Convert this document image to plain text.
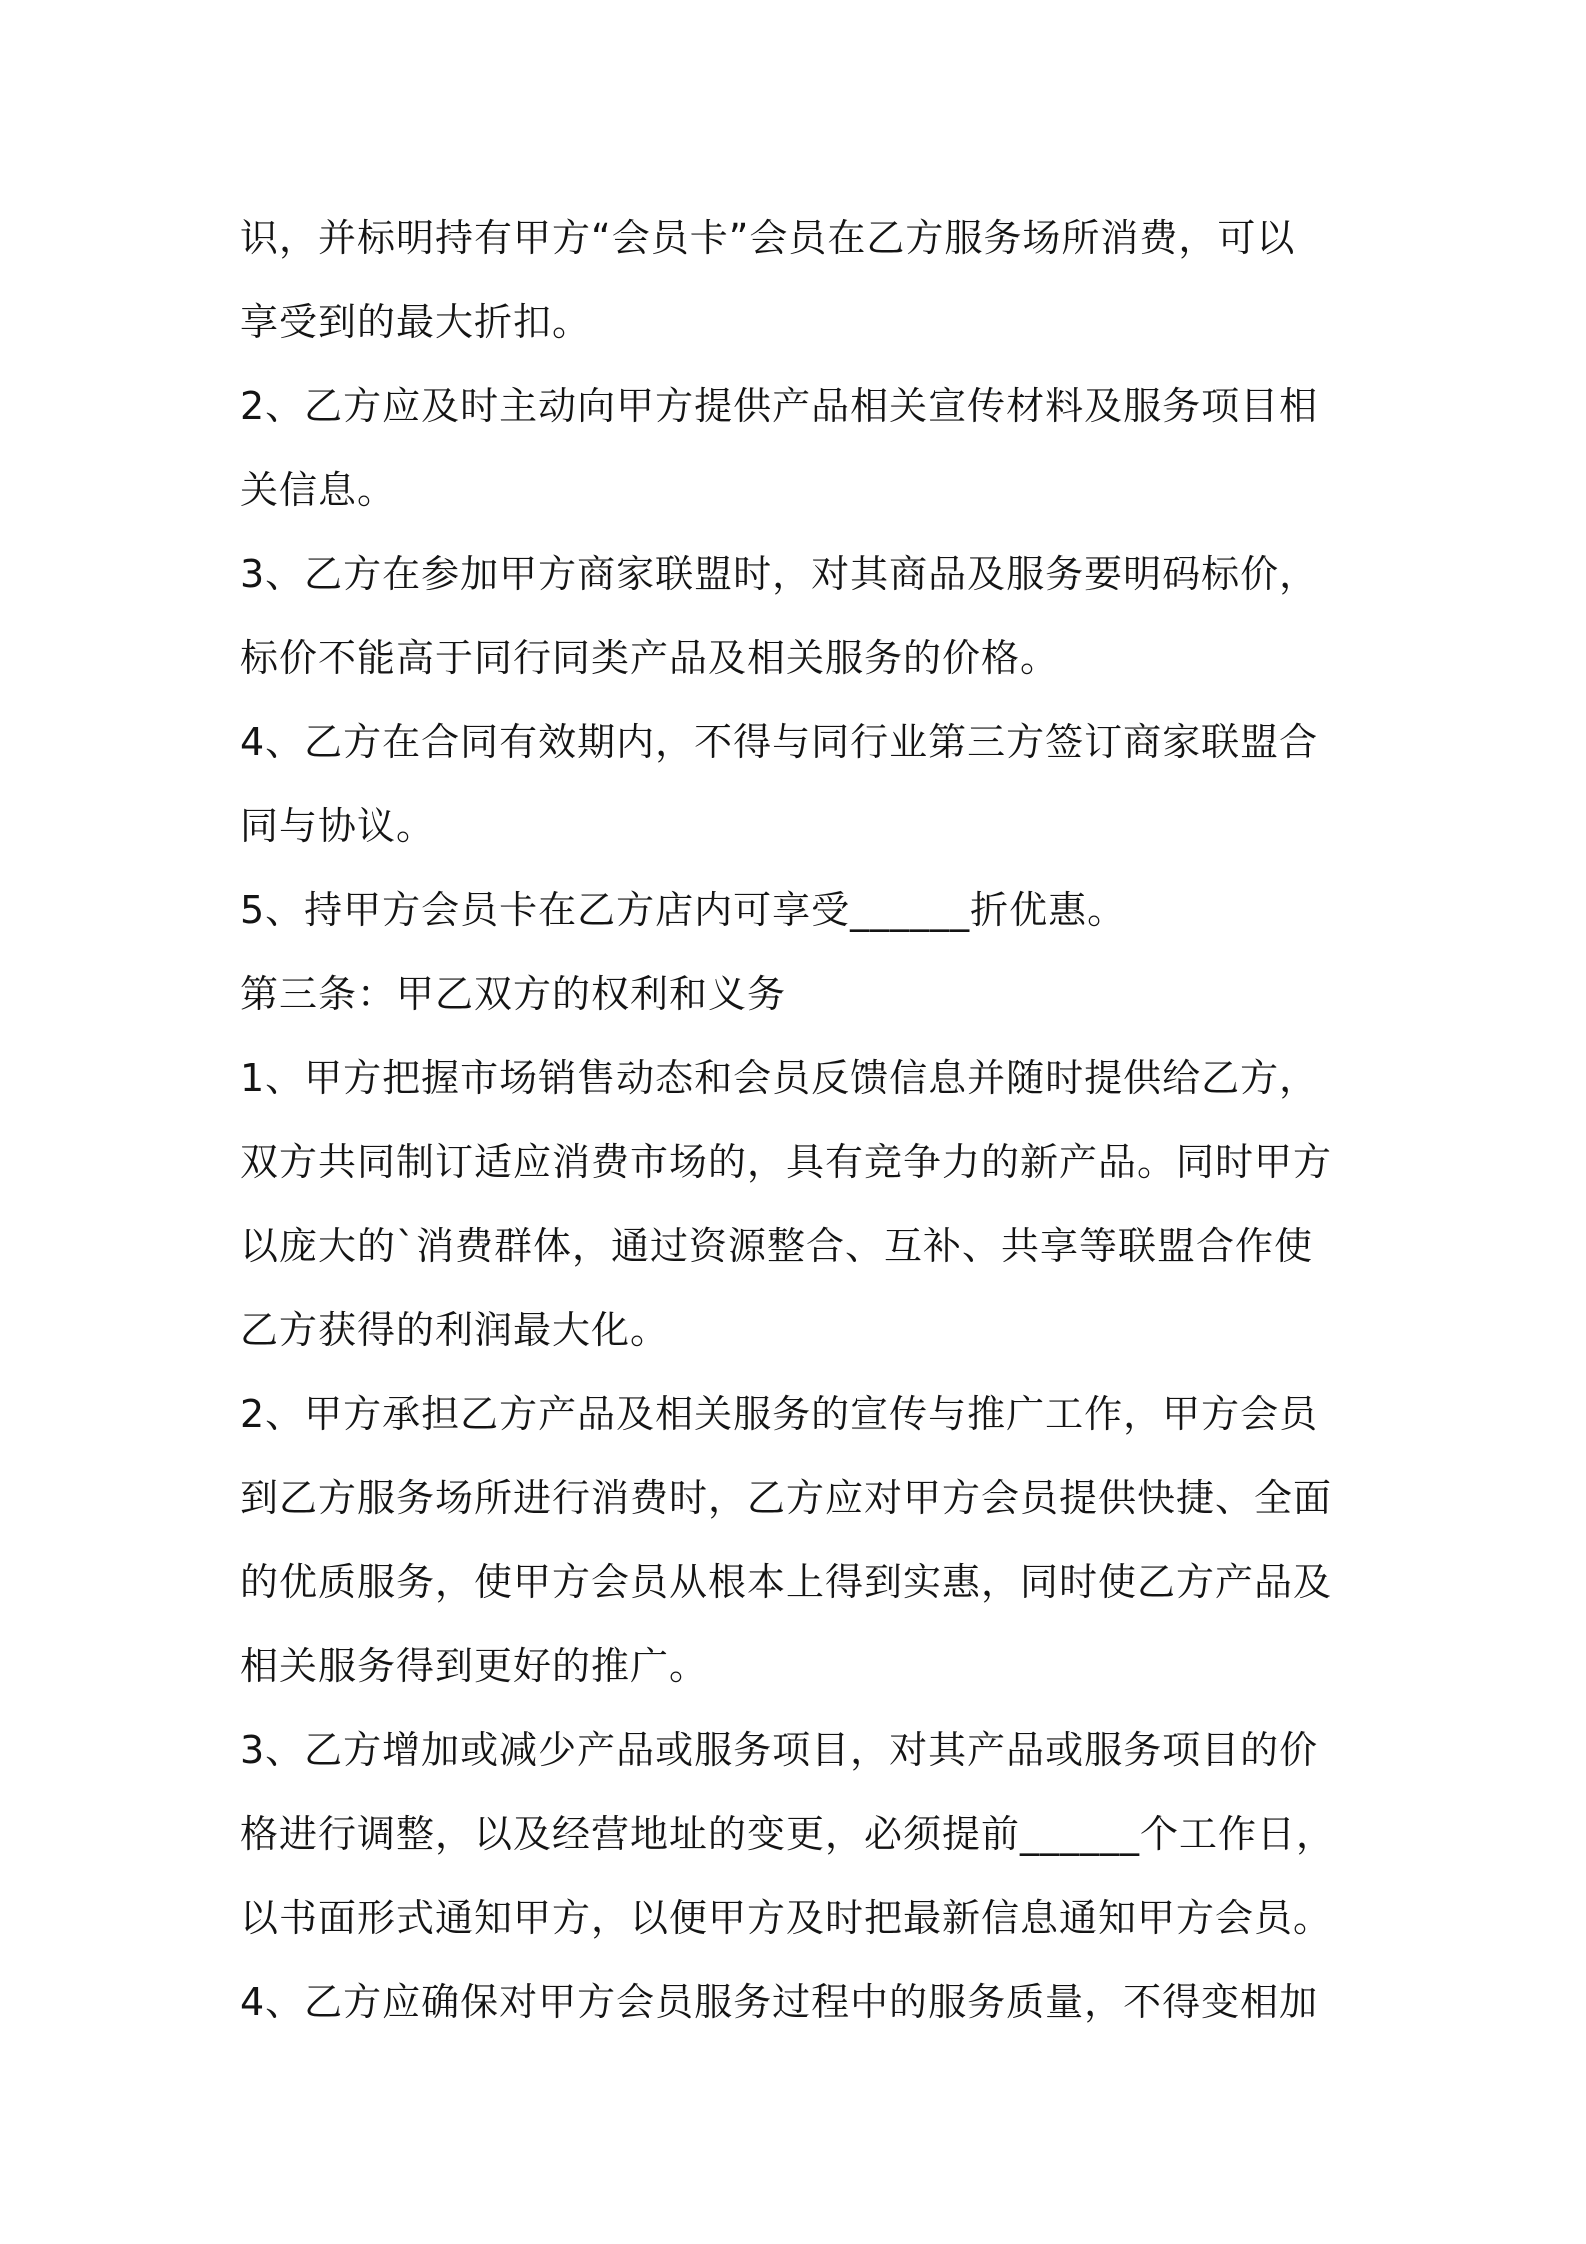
识，并标明持有甲方“会员卡”会员在乙方服务场所消费，可以

享受到的最大折扣。

2、乙方应及时主动向甲方提供产品相关宣传材料及服务项目相

关信息。

3、乙方在参加甲方商家联盟时，对其商品及服务要明码标价，

标价不能高于同行同类产品及相关服务的价格。

4、乙方在合同有效期内，不得与同行业第三方签订商家联盟合

同与协议。

5、持甲方会员卡在乙方店内可享受______折优惠。

第三条：甲乙双方的权利和义务

1、甲方把握市场销售动态和会员反馈信息并随时提供给乙方，

双方共同制订适应消费市场的，具有竞争力的新产品。同时甲方

以庞大的`消费群体，通过资源整合、互补、共享等联盟合作使

乙方获得的利润最大化。

2、甲方承担乙方产品及相关服务的宣传与推广工作，甲方会员

到乙方服务场所进行消费时，乙方应对甲方会员提供快捷、全面

的优质服务，使甲方会员从根本上得到实惠，同时使乙方产品及

相关服务得到更好的推广。

3、乙方增加或减少产品或服务项目，对其产品或服务项目的价

格进行调整，以及经营地址的变更，必须提前______个工作日，

以书面形式通知甲方，以便甲方及时把最新信息通知甲方会员。

4、乙方应确保对甲方会员服务过程中的服务质量，不得变相加
